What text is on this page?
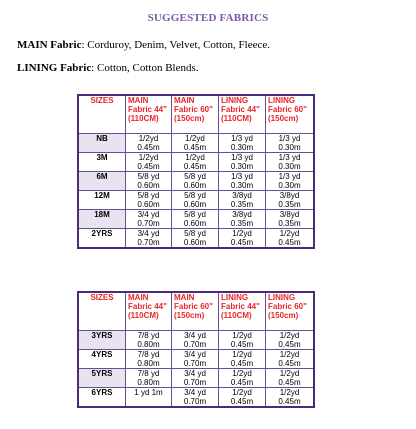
SUGGESTED FABRICS
MAIN Fabric: Corduroy, Denim, Velvet, Cotton, Fleece.
LINING Fabric: Cotton, Cotton Blends.
SIZES	MAIN Fabric 44" (110CM)	MAIN Fabric 60" (150cm)	LINING Fabric 44" (110CM)	LINING Fabric 60" (150cm)
NB	1/2yd 0.45m	1/2yd 0.45m	1/3 yd 0.30m	1/3 yd 0.30m
3M	1/2yd 0.45m	1/2yd 0.45m	1/3 yd 0.30m	1/3 yd 0.30m
6M	5/8 yd 0.60m	5/8 yd 0.60m	1/3 yd 0.30m	1/3 yd 0.30m
12M	5/8 yd 0.60m	5/8 yd 0.60m	3/8yd 0.35m	3/8yd 0.35m
18M	3/4 yd 0.70m	5/8 yd 0.60m	3/8yd 0.35m	3/8yd 0.35m
2YRS	3/4 yd 0.70m	5/8 yd 0.60m	1/2yd 0.45m	1/2yd 0.45m
SIZES	MAIN Fabric 44" (110CM)	MAIN Fabric 60" (150cm)	LINING Fabric 44" (110CM)	LINING Fabric 60" (150cm)
3YRS	7/8 yd 0.80m	3/4 yd 0.70m	1/2yd 0.45m	1/2yd 0.45m
4YRS	7/8 yd 0.80m	3/4 yd 0.70m	1/2yd 0.45m	1/2yd 0.45m
5YRS	7/8 yd 0.80m	3/4 yd 0.70m	1/2yd 0.45m	1/2yd 0.45m
6YRS	1 yd 1m	3/4 yd 0.70m	1/2yd 0.45m	1/2yd 0.45m
